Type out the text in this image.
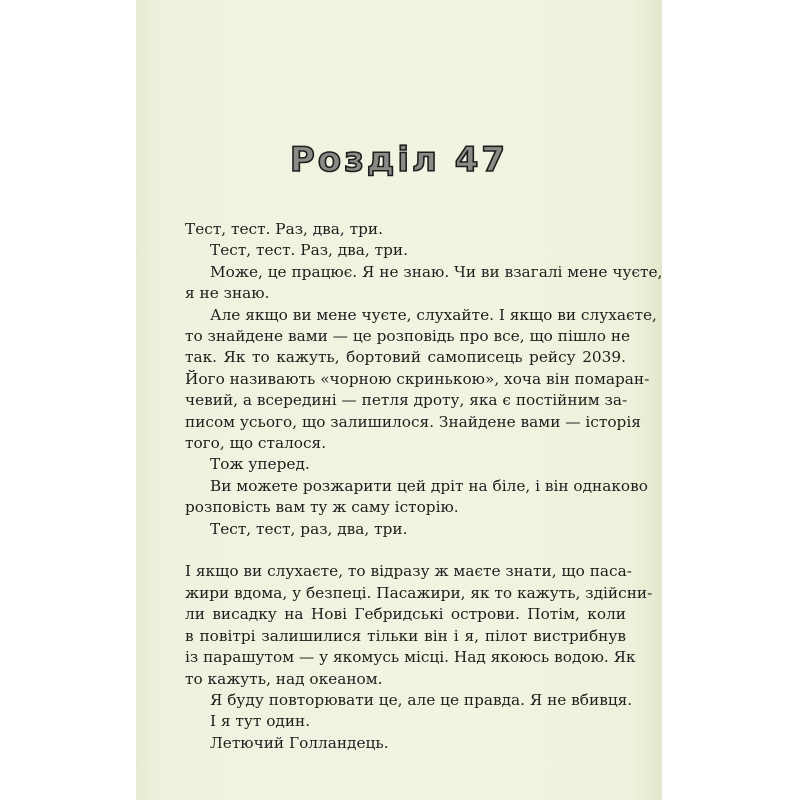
Розділ 47
Тест, тест. Раз, два, три.
Тест, тест. Раз, два, три.
Може, це працює. Я не знаю. Чи ви взагалі мене чуєте,
я не знаю.
Але якщо ви мене чуєте, слухайте. І якщо ви слухаєте,
то знайдене вами — це розповідь про все, що пішло не
так. Як то кажуть, бортовий самописець рейсу 2039.
Його називають «чорною скринькою», хоча він помаран-
чевий, а всередині — петля дроту, яка є постійним за-
писом усього, що залишилося. Знайдене вами — історія
того, що сталося.
Тож уперед.
Ви можете розжарити цей дріт на біле, і він однаково
розповість вам ту ж саму історію.
Тест, тест, раз, два, три.
І якщо ви слухаєте, то відразу ж маєте знати, що паса-
жири вдома, у безпеці. Пасажири, як то кажуть, здійсни-
ли висадку на Нові Гебридські острови. Потім, коли
в повітрі залишилися тільки він і я, пілот вистрибнув
із парашутом — у якомусь місці. Над якоюсь водою. Як
то кажуть, над океаном.
Я буду повторювати це, але це правда. Я не вбивця.
І я тут один.
Летючий Голландець.
